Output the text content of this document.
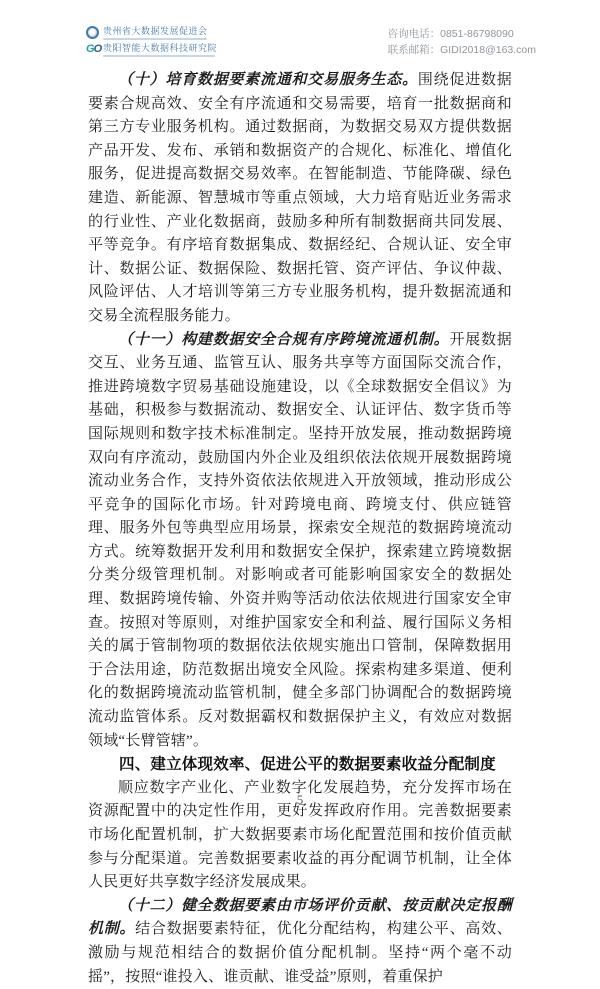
贵州省大数据发展促进会
GO 贵阳智能大数据科技研究院
咨询电话：0851-86798090
联系邮箱：GIDI2018@163.com

（十）培育数据要素流通和交易服务生态。围绕促进数据要素合规高效、安全有序流通和交易需要，培育一批数据商和第三方专业服务机构。通过数据商，为数据交易双方提供数据产品开发、发布、承销和数据资产的合规化、标准化、增值化服务，促进提高数据交易效率。在智能制造、节能降碳、绿色建造、新能源、智慧城市等重点领域，大力培育贴近业务需求的行业性、产业化数据商，鼓励多种所有制数据商共同发展、平等竞争。有序培育数据集成、数据经纪、合规认证、安全审计、数据公证、数据保险、数据托管、资产评估、争议仲裁、风险评估、人才培训等第三方专业服务机构，提升数据流通和交易全流程服务能力。

（十一）构建数据安全合规有序跨境流通机制。开展数据交互、业务互通、监管互认、服务共享等方面国际交流合作，推进跨境数字贸易基础设施建设，以《全球数据安全倡议》为基础，积极参与数据流动、数据安全、认证评估、数字货币等国际规则和数字技术标准制定。坚持开放发展，推动数据跨境双向有序流动，鼓励国内外企业及组织依法依规开展数据跨境流动业务合作，支持外资依法依规进入开放领域，推动形成公平竞争的国际化市场。针对跨境电商、跨境支付、供应链管理、服务外包等典型应用场景，探索安全规范的数据跨境流动方式。统筹数据开发利用和数据安全保护，探索建立跨境数据分类分级管理机制。对影响或者可能影响国家安全的数据处理、数据跨境传输、外资并购等活动依法依规进行国家安全审查。按照对等原则，对维护国家安全和利益、履行国际义务相关的属于管制物项的数据依法依规实施出口管制，保障数据用于合法用途，防范数据出境安全风险。探索构建多渠道、便利化的数据跨境流动监管机制，健全多部门协调配合的数据跨境流动监管体系。反对数据霸权和数据保护主义，有效应对数据领域“长臂管辖”。

四、建立体现效率、促进公平的数据要素收益分配制度

顺应数字产业化、产业数字化发展趋势，充分发挥市场在资源配置中的决定性作用，更好发挥政府作用。完善数据要素市场化配置机制，扩大数据要素市场化配置范围和按价值贡献参与分配渠道。完善数据要素收益的再分配调节机制，让全体人民更好共享数字经济发展成果。

（十二）健全数据要素由市场评价贡献、按贡献决定报酬机制。结合数据要素特征，优化分配结构，构建公平、高效、激励与规范相结合的数据价值分配机制。坚持“两个毫不动摇”，按照“谁投入、谁贡献、谁受益”原则，着重保护

5
